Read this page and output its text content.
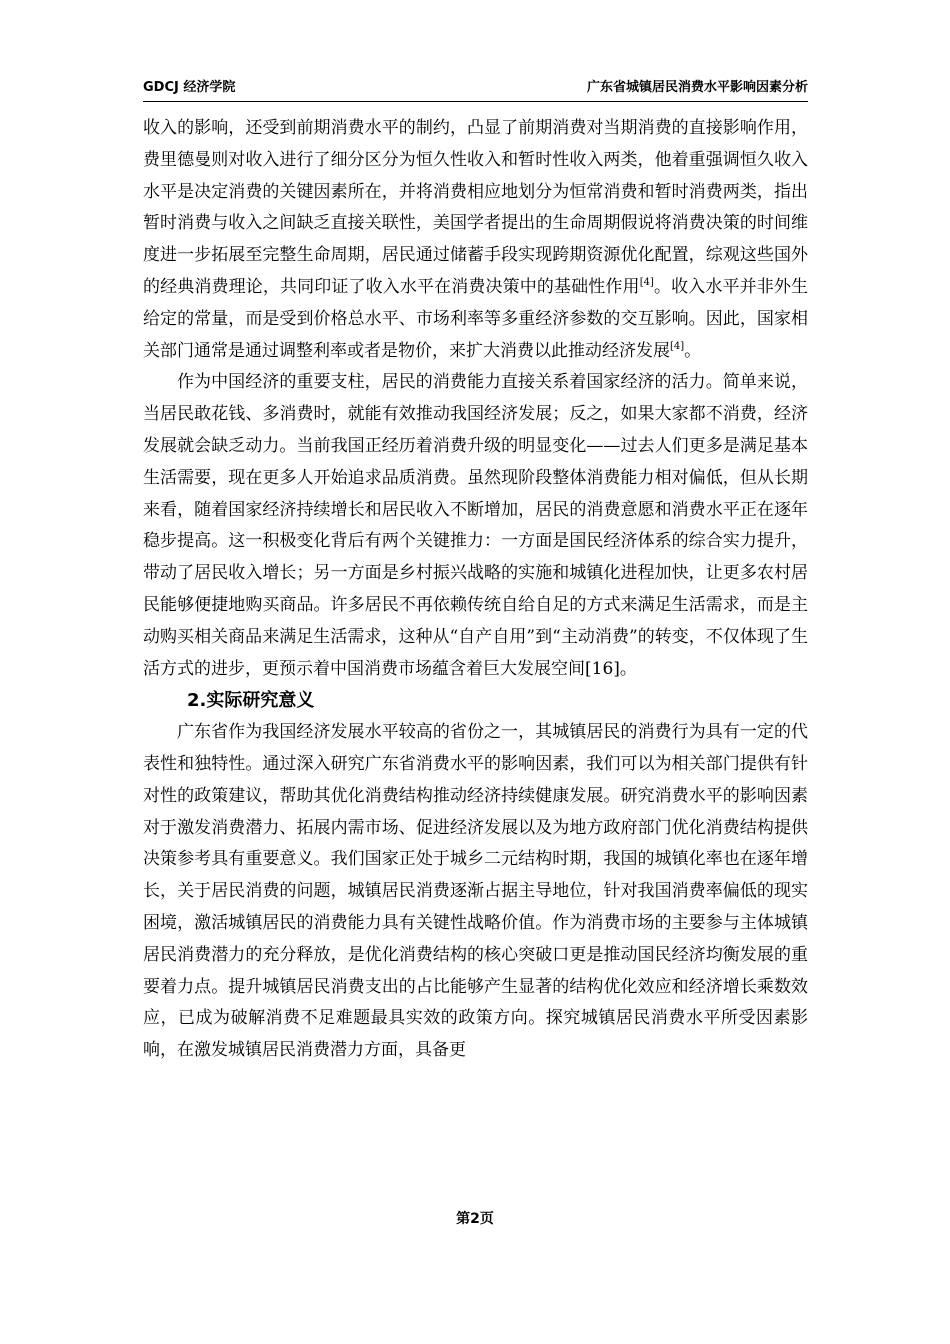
GDCJ 经济学院	广东省城镇居民消费水平影响因素分析

收入的影响，还受到前期消费水平的制约，凸显了前期消费对当期消费的直接影响作用，费里德曼则对收入进行了细分区分为恒久性收入和暂时性收入两类，他着重强调恒久收入水平是决定消费的关键因素所在，并将消费相应地划分为恒常消费和暂时消费两类，指出暂时消费与收入之间缺乏直接关联性，美国学者提出的生命周期假说将消费决策的时间维度进一步拓展至完整生命周期，居民通过储蓄手段实现跨期资源优化配置，综观这些国外的经典消费理论，共同印证了收入水平在消费决策中的基础性作用[4]。收入水平并非外生给定的常量，而是受到价格总水平、市场利率等多重经济参数的交互影响。因此，国家相关部门通常是通过调整利率或者是物价，来扩大消费以此推动经济发展[4]。

作为中国经济的重要支柱，居民的消费能力直接关系着国家经济的活力。简单来说，当居民敢花钱、多消费时，就能有效推动我国经济发展；反之，如果大家都不消费，经济发展就会缺乏动力。当前我国正经历着消费升级的明显变化——过去人们更多是满足基本生活需要，现在更多人开始追求品质消费。虽然现阶段整体消费能力相对偏低，但从长期来看，随着国家经济持续增长和居民收入不断增加，居民的消费意愿和消费水平正在逐年稳步提高。这一积极变化背后有两个关键推力：一方面是国民经济体系的综合实力提升，带动了居民收入增长；另一方面是乡村振兴战略的实施和城镇化进程加快，让更多农村居民能够便捷地购买商品。许多居民不再依赖传统自给自足的方式来满足生活需求，而是主动购买相关商品来满足生活需求，这种从“自产自用”到“主动消费”的转变，不仅体现了生活方式的进步，更预示着中国消费市场蕴含着巨大发展空间[16]。

2.实际研究意义

广东省作为我国经济发展水平较高的省份之一，其城镇居民的消费行为具有一定的代表性和独特性。通过深入研究广东省消费水平的影响因素，我们可以为相关部门提供有针对性的政策建议，帮助其优化消费结构推动经济持续健康发展。研究消费水平的影响因素对于激发消费潜力、拓展内需市场、促进经济发展以及为地方政府部门优化消费结构提供决策参考具有重要意义。我们国家正处于城乡二元结构时期，我国的城镇化率也在逐年增长，关于居民消费的问题，城镇居民消费逐渐占据主导地位，针对我国消费率偏低的现实困境，激活城镇居民的消费能力具有关键性战略价值。作为消费市场的主要参与主体城镇居民消费潜力的充分释放，是优化消费结构的核心突破口更是推动国民经济均衡发展的重要着力点。提升城镇居民消费支出的占比能够产生显著的结构优化效应和经济增长乘数效应，已成为破解消费不足难题最具实效的政策方向。探究城镇居民消费水平所受因素影响，在激发城镇居民消费潜力方面，具备更

第2页
